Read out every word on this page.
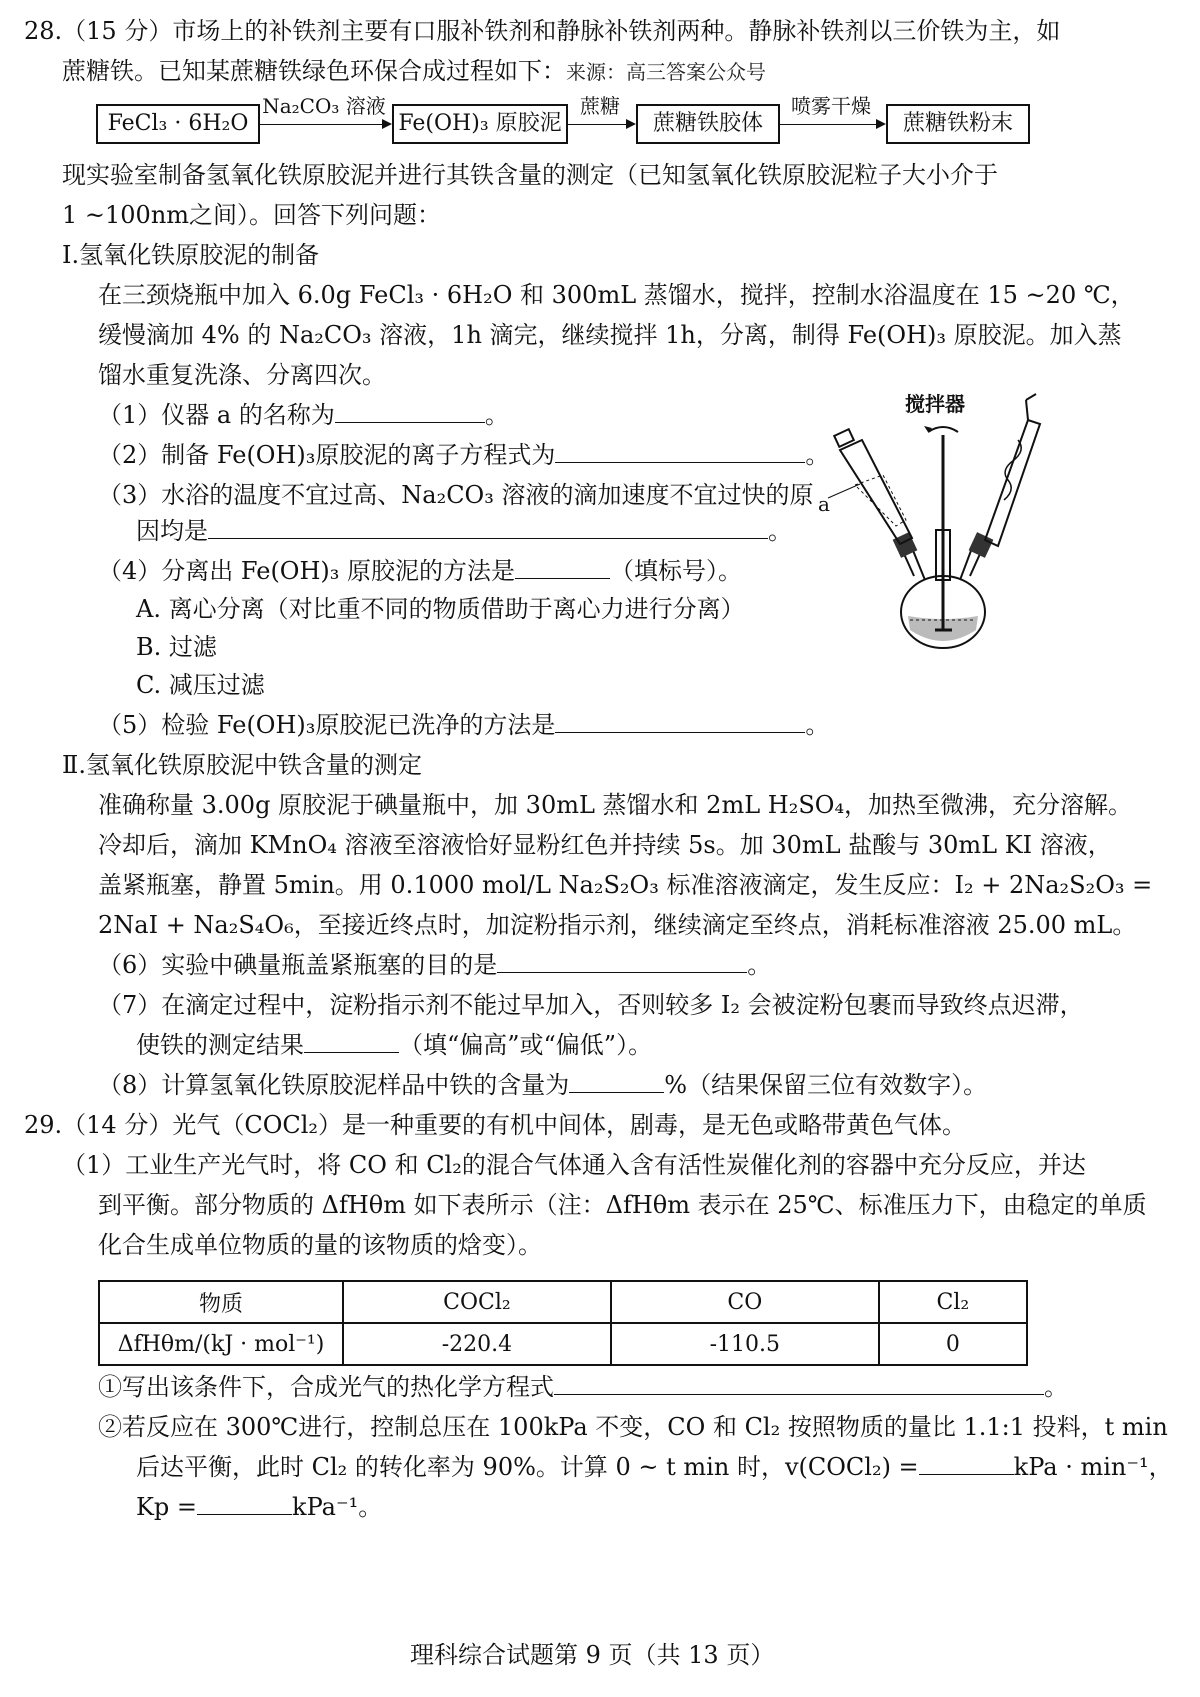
28.（15 分）市场上的补铁剂主要有口服补铁剂和静脉补铁剂两种。静脉补铁剂以三价铁为主，如
蔗糖铁。已知某蔗糖铁绿色环保合成过程如下：来源：高三答案公众号
FeCl₃ · 6H₂O
Na₂CO₃ 溶液
Fe(OH)₃ 原胶泥
蔗糖
蔗糖铁胶体
喷雾干燥
蔗糖铁粉末
现实验室制备氢氧化铁原胶泥并进行其铁含量的测定（已知氢氧化铁原胶泥粒子大小介于
1 ~100nm之间）。回答下列问题：
Ⅰ.氢氧化铁原胶泥的制备
在三颈烧瓶中加入 6.0g FeCl₃ · 6H₂O 和 300mL 蒸馏水，搅拌，控制水浴温度在 15 ~20 ℃，
缓慢滴加 4% 的 Na₂CO₃ 溶液，1h 滴完，继续搅拌 1h，分离，制得 Fe(OH)₃ 原胶泥。加入蒸
馏水重复洗涤、分离四次。
（1）仪器 a 的名称为	。
（2）制备 Fe(OH)₃原胶泥的离子方程式为	。
（3）水浴的温度不宜过高、Na₂CO₃ 溶液的滴加速度不宜过快的原
因均是	。
（4）分离出 Fe(OH)₃ 原胶泥的方法是	（填标号）。
A. 离心分离（对比重不同的物质借助于离心力进行分离）
B. 过滤
C. 减压过滤
（5）检验 Fe(OH)₃原胶泥已洗净的方法是	。
搅拌器
a
Ⅱ.氢氧化铁原胶泥中铁含量的测定
准确称量 3.00g 原胶泥于碘量瓶中，加 30mL 蒸馏水和 2mL H₂SO₄，加热至微沸，充分溶解。
冷却后，滴加 KMnO₄ 溶液至溶液恰好显粉红色并持续 5s。加 30mL 盐酸与 30mL KI 溶液，
盖紧瓶塞，静置 5min。用 0.1000 mol/L Na₂S₂O₃ 标准溶液滴定，发生反应：I₂ + 2Na₂S₂O₃ =
2NaI + Na₂S₄O₆，至接近终点时，加淀粉指示剂，继续滴定至终点，消耗标准溶液 25.00 mL。
（6）实验中碘量瓶盖紧瓶塞的目的是	。
（7）在滴定过程中，淀粉指示剂不能过早加入，否则较多 I₂ 会被淀粉包裹而导致终点迟滞，
使铁的测定结果	（填“偏高”或“偏低”）。
（8）计算氢氧化铁原胶泥样品中铁的含量为	%（结果保留三位有效数字）。
29.（14 分）光气（COCl₂）是一种重要的有机中间体，剧毒，是无色或略带黄色气体。
（1）工业生产光气时，将 CO 和 Cl₂的混合气体通入含有活性炭催化剂的容器中充分反应，并达
到平衡。部分物质的 ΔfHθm 如下表所示（注：ΔfHθm 表示在 25℃、标准压力下，由稳定的单质
化合生成单位物质的量的该物质的焓变）。
物质	COCl₂	CO	Cl₂
ΔfHθm/(kJ · mol⁻¹)	-220.4	-110.5	0
①写出该条件下，合成光气的热化学方程式	。
②若反应在 300℃进行，控制总压在 100kPa 不变，CO 和 Cl₂ 按照物质的量比 1.1:1 投料，t min
后达平衡，此时 Cl₂ 的转化率为 90%。计算 0 ~ t min 时，v(COCl₂) =	kPa · min⁻¹，
Kp =	kPa⁻¹。
理科综合试题第 9 页（共 13 页）
